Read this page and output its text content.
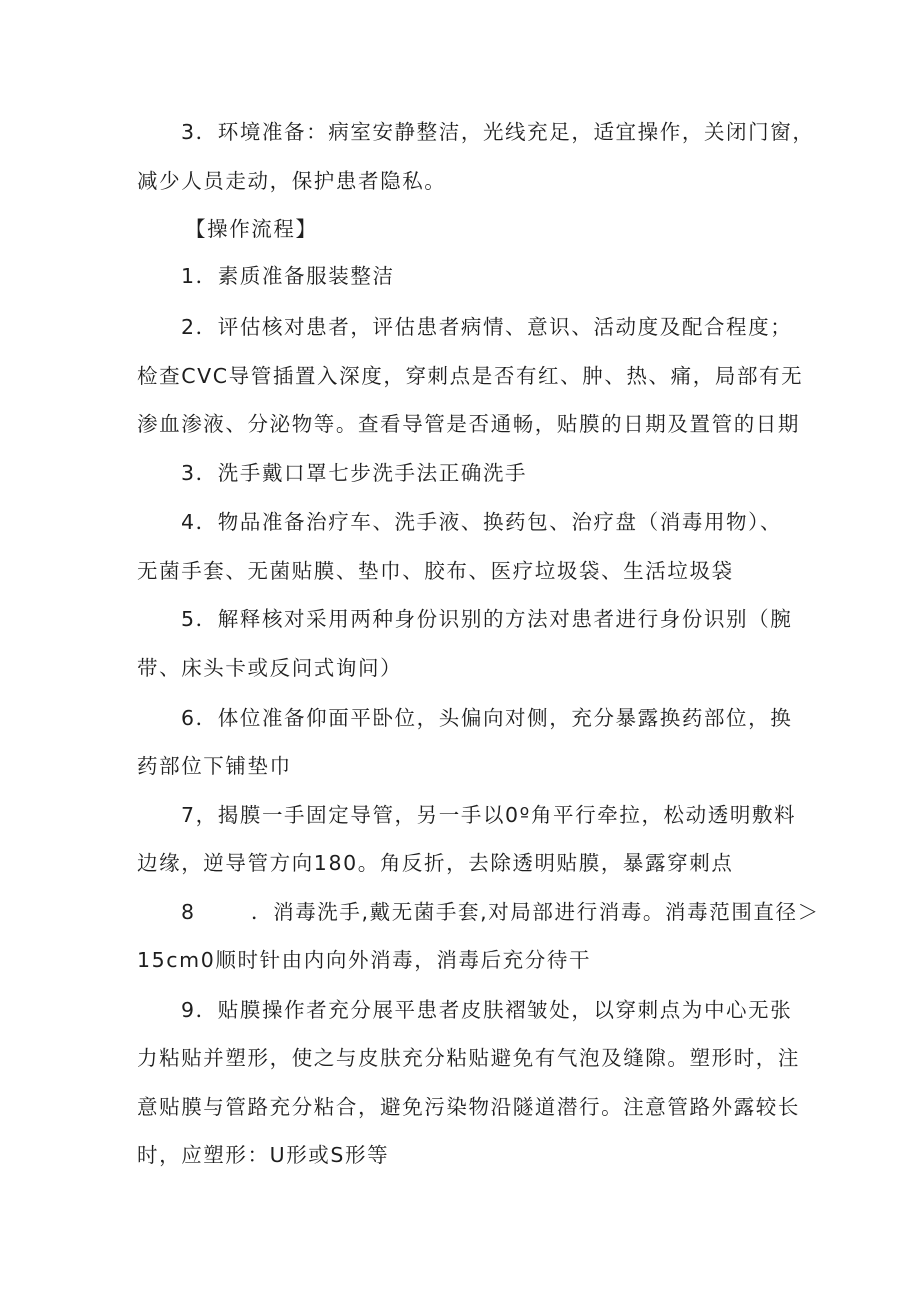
3．环境准备：病室安静整洁，光线充足，适宜操作，关闭门窗，
减少人员走动，保护患者隐私。
【操作流程】
1．素质准备服装整洁
2．评估核对患者，评估患者病情、意识、活动度及配合程度；
检查CVC导管插置入深度，穿刺点是否有红、肿、热、痛，局部有无
渗血渗液、分泌物等。查看导管是否通畅，贴膜的日期及置管的日期
3．洗手戴口罩七步洗手法正确洗手
4．物品准备治疗车、洗手液、换药包、治疗盘（消毒用物）、
无菌手套、无菌贴膜、垫巾、胶布、医疗垃圾袋、生活垃圾袋
5．解释核对采用两种身份识别的方法对患者进行身份识别（腕
带、床头卡或反问式询问）
6．体位准备仰面平卧位，头偏向对侧，充分暴露换药部位，换
药部位下铺垫巾
7，揭膜一手固定导管，另一手以0º角平行牵拉，松动透明敷料
边缘，逆导管方向180。角反折，去除透明贴膜，暴露穿刺点
8	．消毒洗手,戴无菌手套,对局部进行消毒。消毒范围直径＞
15cm0顺时针由内向外消毒，消毒后充分待干
9．贴膜操作者充分展平患者皮肤褶皱处，以穿刺点为中心无张
力粘贴并塑形，使之与皮肤充分粘贴避免有气泡及缝隙。塑形时，注
意贴膜与管路充分粘合，避免污染物沿隧道潜行。注意管路外露较长
时，应塑形：U形或S形等
